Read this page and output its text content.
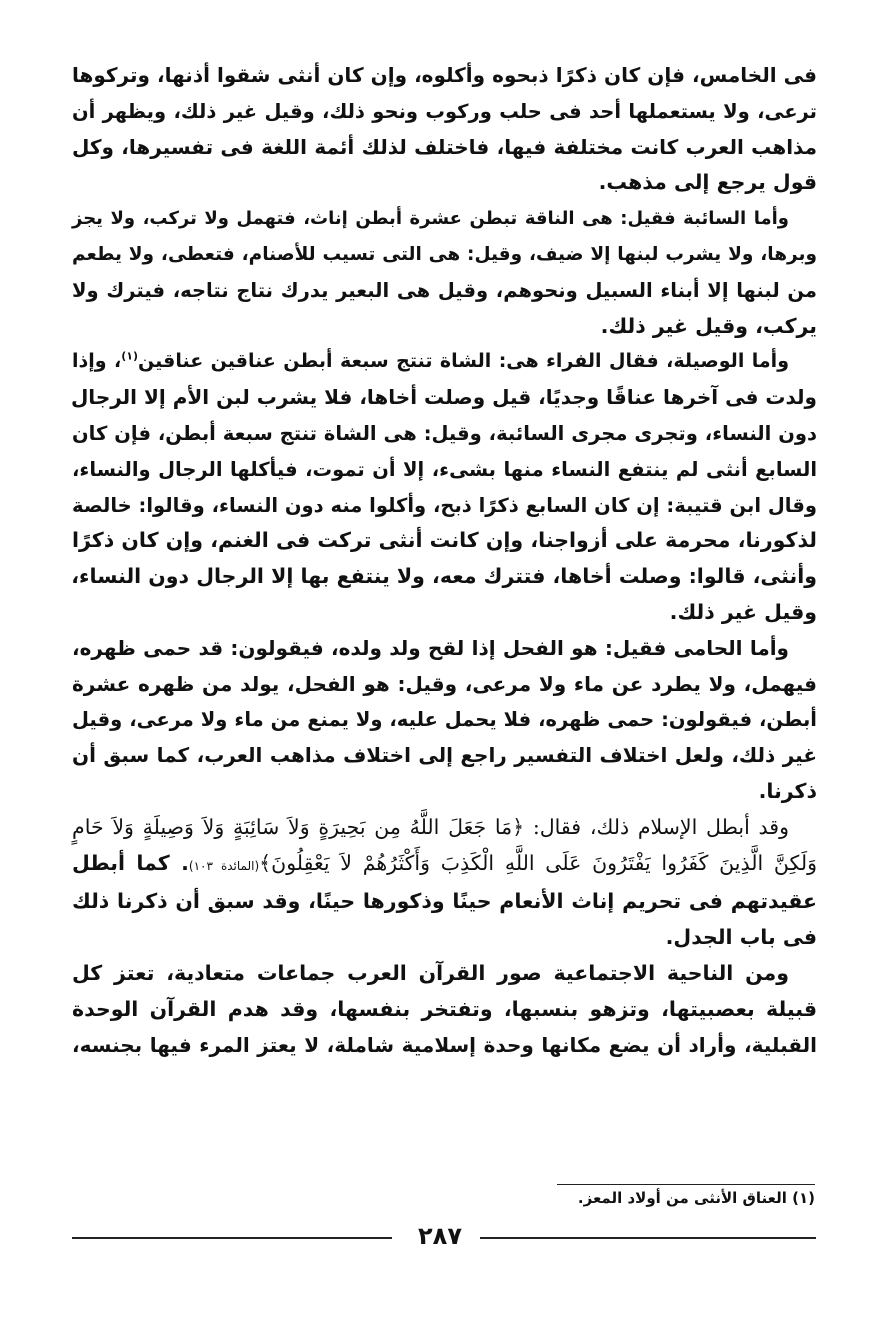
فى الخامس، فإن كان ذكرًا ذبحوه وأكلوه، وإن كان أنثى شقوا أذنها، وتركوها
ترعى، ولا يستعملها أحد فى حلب وركوب ونحو ذلك، وقيل غير ذلك، ويظهر أن
مذاهب العرب كانت مختلفة فيها، فاختلف لذلك أئمة اللغة فى تفسيرها، وكل
قول يرجع إلى مذهب.
وأما السائبة فقيل: هى الناقة تبطن عشرة أبطن إناث، فتهمل ولا تركب، ولا يجز
وبرها، ولا يشرب لبنها إلا ضيف، وقيل: هى التى تسيب للأصنام، فتعطى، ولا يطعم
من لبنها إلا أبناء السبيل ونحوهم، وقيل هى البعير يدرك نتاج نتاجه، فيترك ولا
يركب، وقيل غير ذلك.
وأما الوصيلة، فقال الفراء هى: الشاة تنتج سبعة أبطن عناقين عناقين$^{(١)}$، وإذا
ولدت فى آخرها عناقًا وجديًا، قيل وصلت أخاها، فلا يشرب لبن الأم إلا الرجال
دون النساء، وتجرى مجرى السائبة، وقيل: هى الشاة تنتج سبعة أبطن، فإن كان
السابع أنثى لم ينتفع النساء منها بشىء، إلا أن تموت، فيأكلها الرجال والنساء،
وقال ابن قتيبة: إن كان السابع ذكرًا ذبح، وأكلوا منه دون النساء، وقالوا: خالصة
لذكورنا، محرمة على أزواجنا، وإن كانت أنثى تركت فى الغنم، وإن كان ذكرًا
وأنثى، قالوا: وصلت أخاها، فتترك معه، ولا ينتفع بها إلا الرجال دون النساء،
وقيل غير ذلك.
وأما الحامى فقيل: هو الفحل إذا لقح ولد ولده، فيقولون: قد حمى ظهره،
فيهمل، ولا يطرد عن ماء ولا مرعى، وقيل: هو الفحل، يولد من ظهره عشرة
أبطن، فيقولون: حمى ظهره، فلا يحمل عليه، ولا يمنع من ماء ولا مرعى، وقيل
غير ذلك، ولعل اختلاف التفسير راجع إلى اختلاف مذاهب العرب، كما سبق أن
ذكرنا.
وقد أبطل الإسلام ذلك، فقال: ﴿مَا جَعَلَ اللَّهُ مِن بَحِيرَةٍ وَلاَ سَائِبَةٍ وَلاَ وَصِيلَةٍ وَلاَ حَامٍ
وَلَكِنَّ الَّذِينَ كَفَرُوا يَفْتَرُونَ عَلَى اللَّهِ الْكَذِبَ وَأَكْثَرُهُمْ لاَ يَعْقِلُونَ﴾(المائدة ١٠٣). كما أبطل
عقيدتهم فى تحريم إناث الأنعام حينًا وذكورها حينًا، وقد سبق أن ذكرنا ذلك
فى باب الجدل.
ومن الناحية الاجتماعية صور القرآن العرب جماعات متعادية، تعتز كل
قبيلة بعصبيتها، وتزهو بنسبها، وتفتخر بنفسها، وقد هدم القرآن الوحدة
القبلية، وأراد أن يضع مكانها وحدة إسلامية شاملة، لا يعتز المرء فيها بجنسه،
(١) العناق الأنثى من أولاد المعز.
٢٨٧
